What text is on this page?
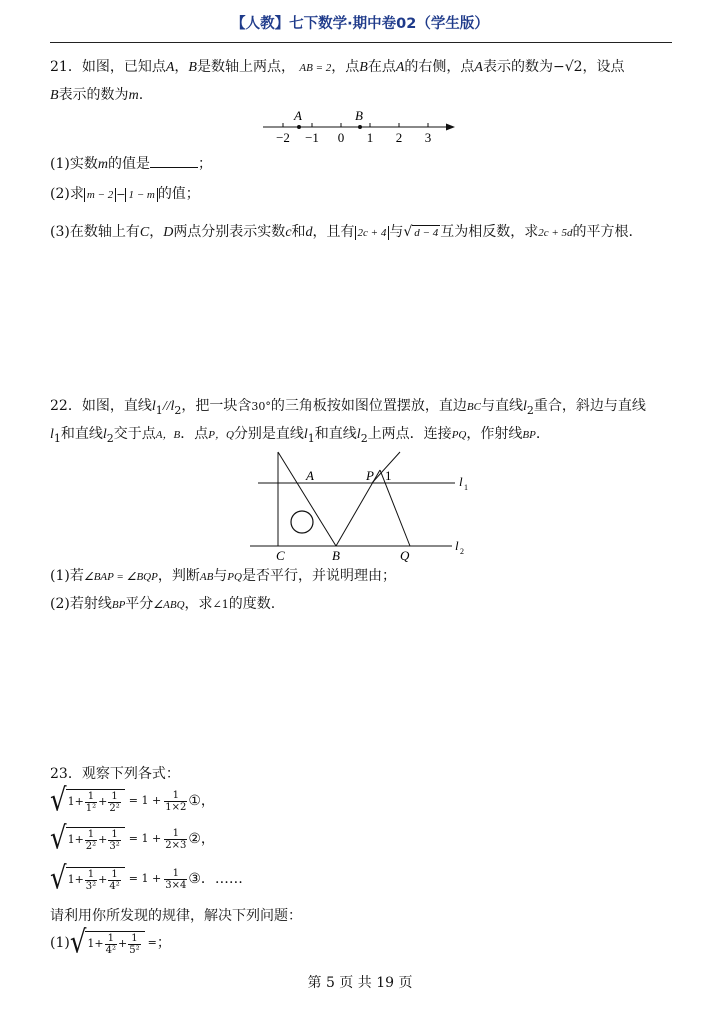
【人教】七下数学·期中卷02（学生版）
21．如图，已知点A，B是数轴上两点， AB = 2，点B在点A的右侧，点A表示的数为−√2，设点
B表示的数为m.
A	B
−2 −1 0 1 2 3
(1)实数m的值是	；
(2)求 m − 2 − 1 − m 的值；
(3)在数轴上有C，D两点分别表示实数c和d，且有 2c + 4 与√ d − 4 互为相反数，求2c + 5d的平方根.
22．如图，直线$l_1//l_2$，把一块含30°的三角板按如图位置摆放，直边BC与直线$l_2$重合，斜边与直线
$l_1$和直线$l_2$交于点A，B．点P，Q分别是直线$l_1$和直线$l_2$上两点．连接PQ，作射线BP.
A	P 1	l 1
C	B	Q
l 2
(1)若∠BAP = ∠BQP，判断AB与PQ是否平行，并说明理由；
(2)若射线BP平分∠ABQ，求∠1的度数.
23．观察下列各式：
√ $1+ \frac{1}{\text{1²}} + \frac{1}{\text{2²}} = 1 + \frac{1}{1\times 2}$ ①，
√ $1+ \frac{1}{\text{2²}} + \frac{1}{\text{3²}} = 1 + \frac{1}{2\times 3}$ ②，
√ $1+ \frac{1}{\text{3²}} + \frac{1}{\text{4²}} = 1 + \frac{1}{3\times 4}$ ③．……
请利用你所发现的规律，解决下列问题：
(1) √ $1+ \frac{1}{\text{4²}} + \frac{1}{\text{5²}}$ = ；
第 5 页 共 19 页
